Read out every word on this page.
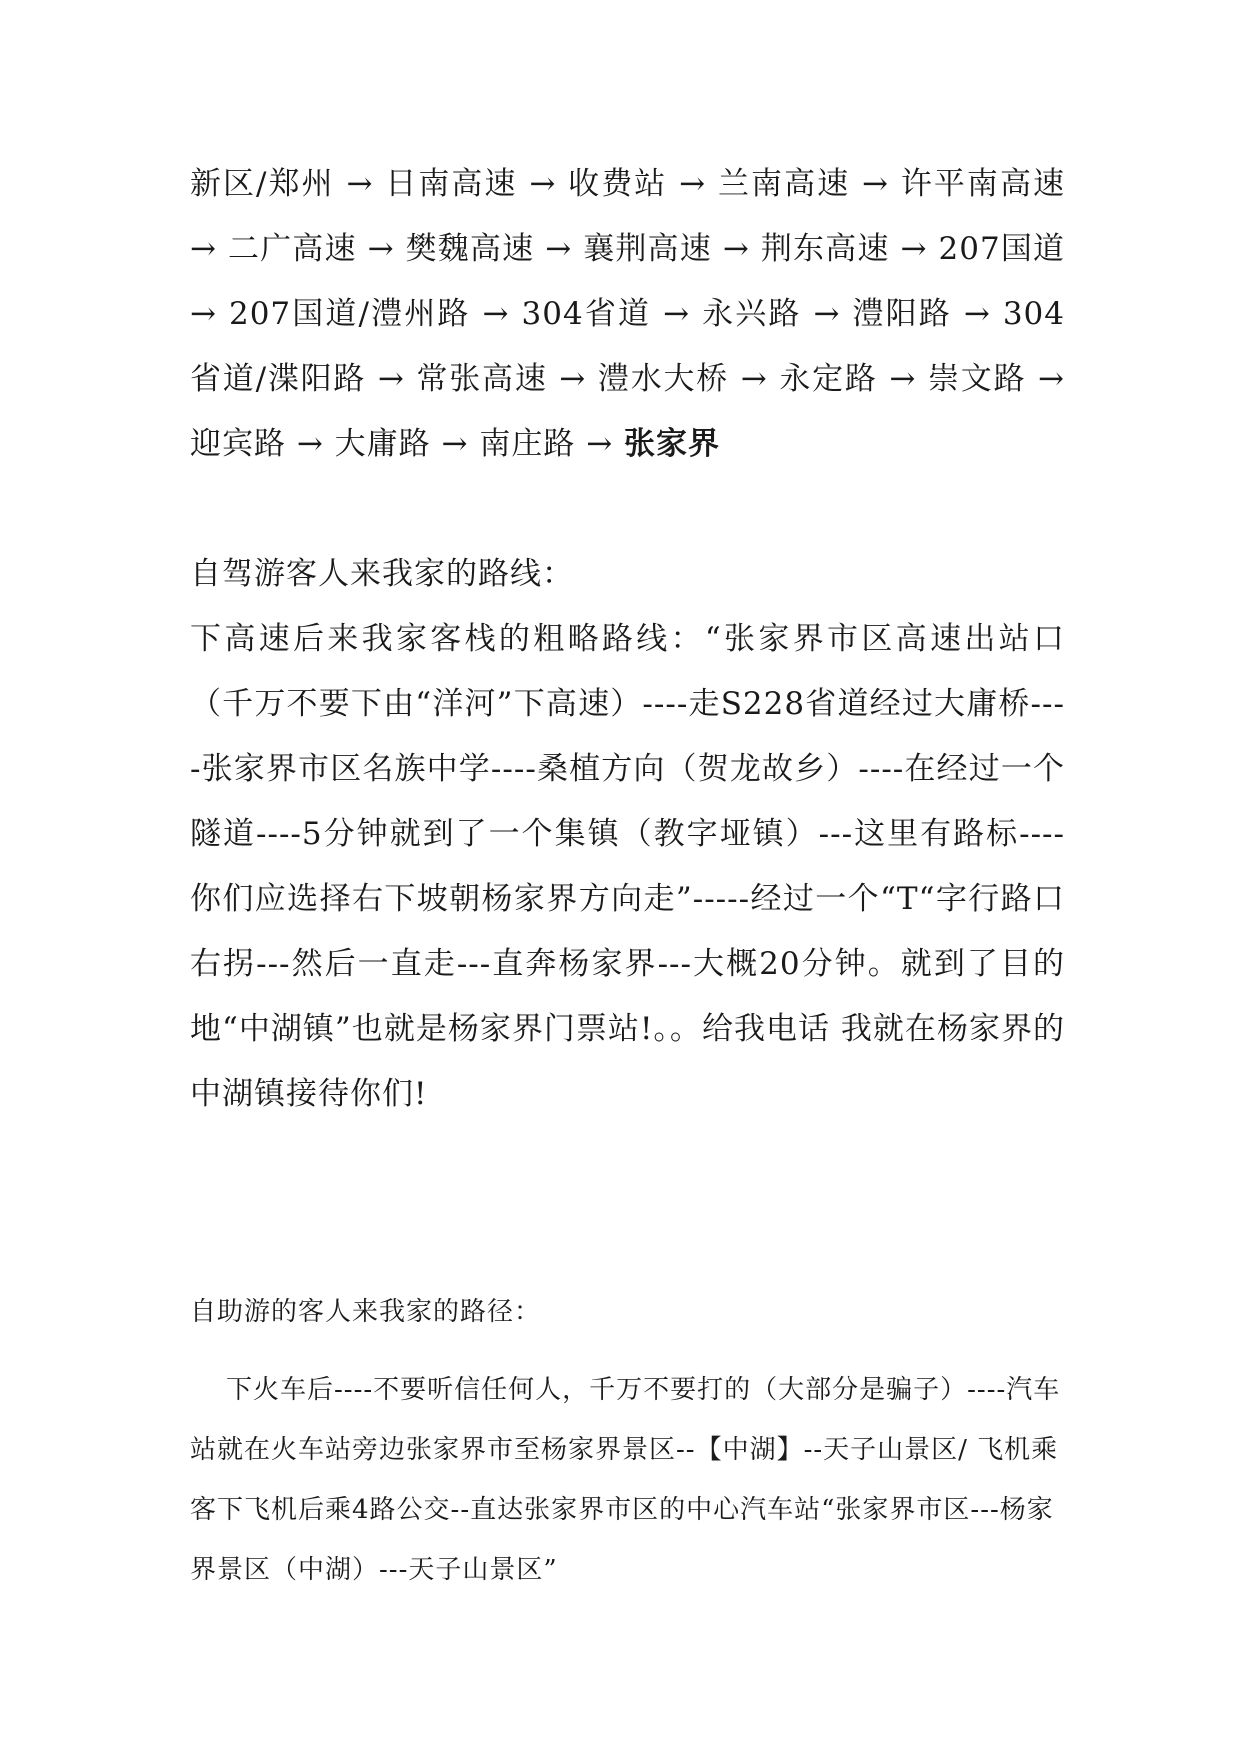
新区/郑州 → 日南高速 → 收费站 → 兰南高速 → 许平南高速 → 二广高速 → 樊魏高速 → 襄荆高速 → 荆东高速 → 207国道 → 207国道/澧州路 → 304省道 → 永兴路 → 澧阳路 → 304省道/渫阳路 → 常张高速 → 澧水大桥 → 永定路 → 崇文路 → 迎宾路 → 大庸路 → 南庄路 → 张家界

自驾游客人来我家的路线：

下高速后来我家客栈的粗略路线：“张家界市区高速出站口（千万不要下由“洋河”下高速）----走S228省道经过大庸桥----张家界市区名族中学----桑植方向（贺龙故乡）----在经过一个隧道----5分钟就到了一个集镇（教字垭镇）---这里有路标----你们应选择右下坡朝杨家界方向走”-----经过一个“T“字行路口右拐---然后一直走---直奔杨家界---大概20分钟。就到了目的地“中湖镇”也就是杨家界门票站!。。给我电话 我就在杨家界的中湖镇接待你们!

自助游的客人来我家的路径：

下火车后----不要听信任何人，千万不要打的（大部分是骗子）----汽车站就在火车站旁边张家界市至杨家界景区--【中湖】--天子山景区/ 飞机乘客下飞机后乘4路公交--直达张家界市区的中心汽车站“张家界市区---杨家界景区（中湖）---天子山景区”
